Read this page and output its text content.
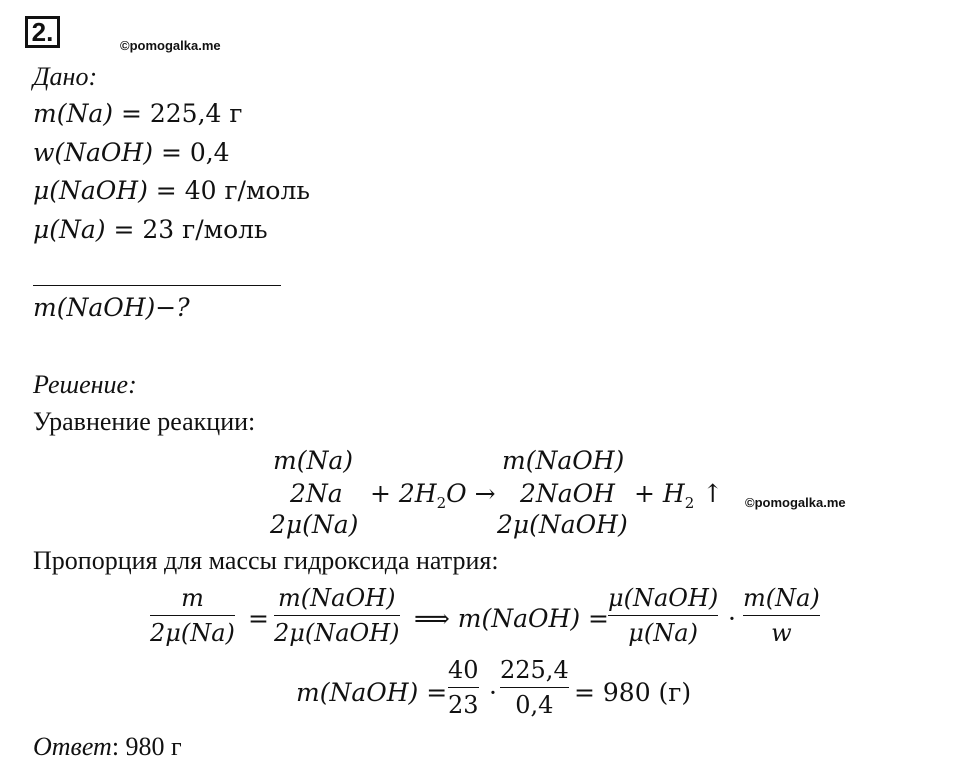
2.	©pomogalka.me
Дано:
m(Na) = 225,4 г
w(NaOH) = 0,4
μ(NaOH) = 40 г/моль
μ(Na) = 23 г/моль
m(NaOH)−?
Решение:
Уравнение реакции:
m(Na)
2Na
2μ(Na)
+ $2H_2O$ →
m(NaOH)
2NaOH
2μ(NaOH)
+ $H_2$ ↑ ©pomogalka.me
Пропорция для массы гидроксида натрия:
m
2μ(Na) =
m(NaOH)
2μ(NaOH) ⟹ m(NaOH) =
μ(NaOH)
μ(Na) ·
m(Na)
w
m(NaOH) =
40
23 ·
225,4
0,4 = 980 (г)
Ответ: 980 г
